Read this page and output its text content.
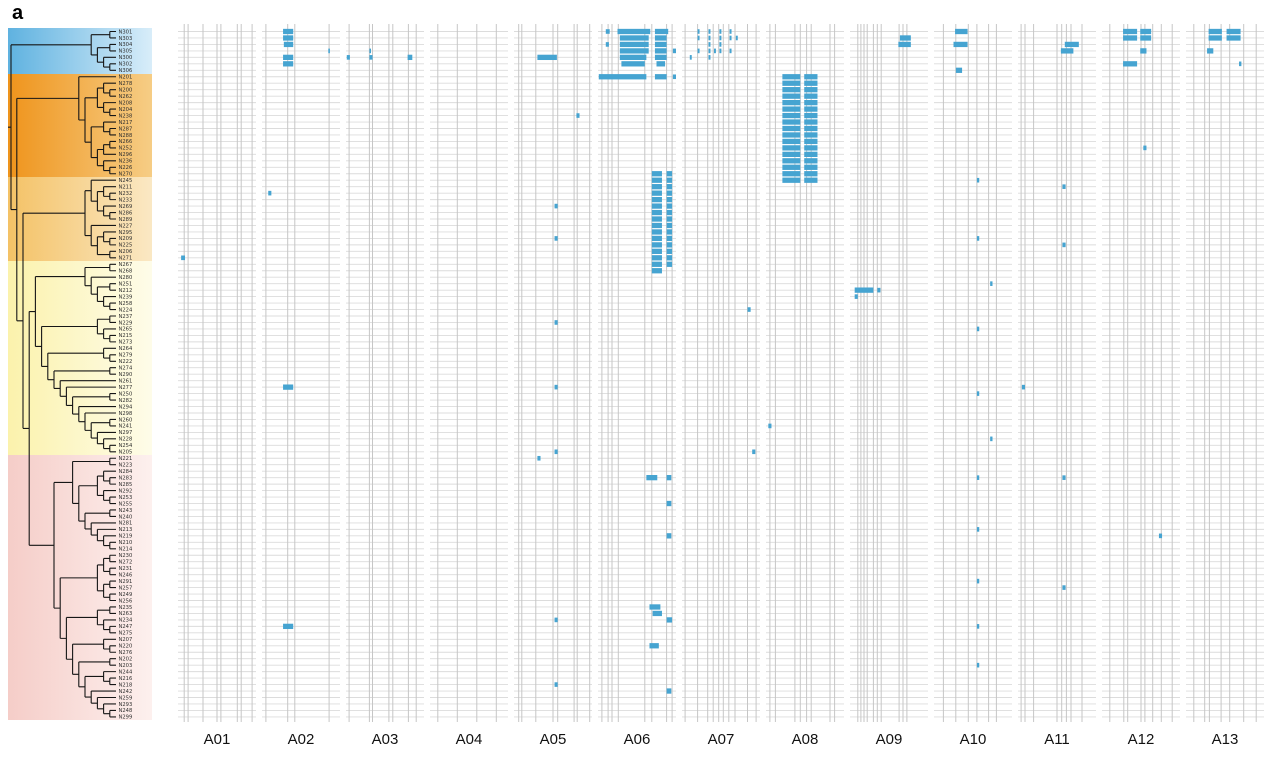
a
N301
N303
N304
N305
N300
N302
N306
N201
N278
N200
N262
N208
N204
N238
N217
N287
N288
N266
N252
N296
N236
N226
N270
N245
N211
N232
N233
N269
N286
N289
N227
N295
N209
N225
N206
N271
N267
N268
N280
N251
N212
N239
N258
N224
N237
N229
N265
N215
N273
N264
N279
N222
N274
N290
N261
N277
N250
N282
N294
N298
N260
N241
N297
N228
N254
N205
N221
N223
N284
N283
N285
N292
N253
N255
N243
N240
N281
N213
N219
N210
N214
N230
N272
N231
N246
N291
N257
N249
N256
N235
N263
N234
N247
N275
N207
N220
N276
N202
N203
N244
N216
N218
N242
N259
N293
N248
N299
A01	A02	A03	A04	A05	A06	A07	A08	A09	A10	A11	A12	A13
